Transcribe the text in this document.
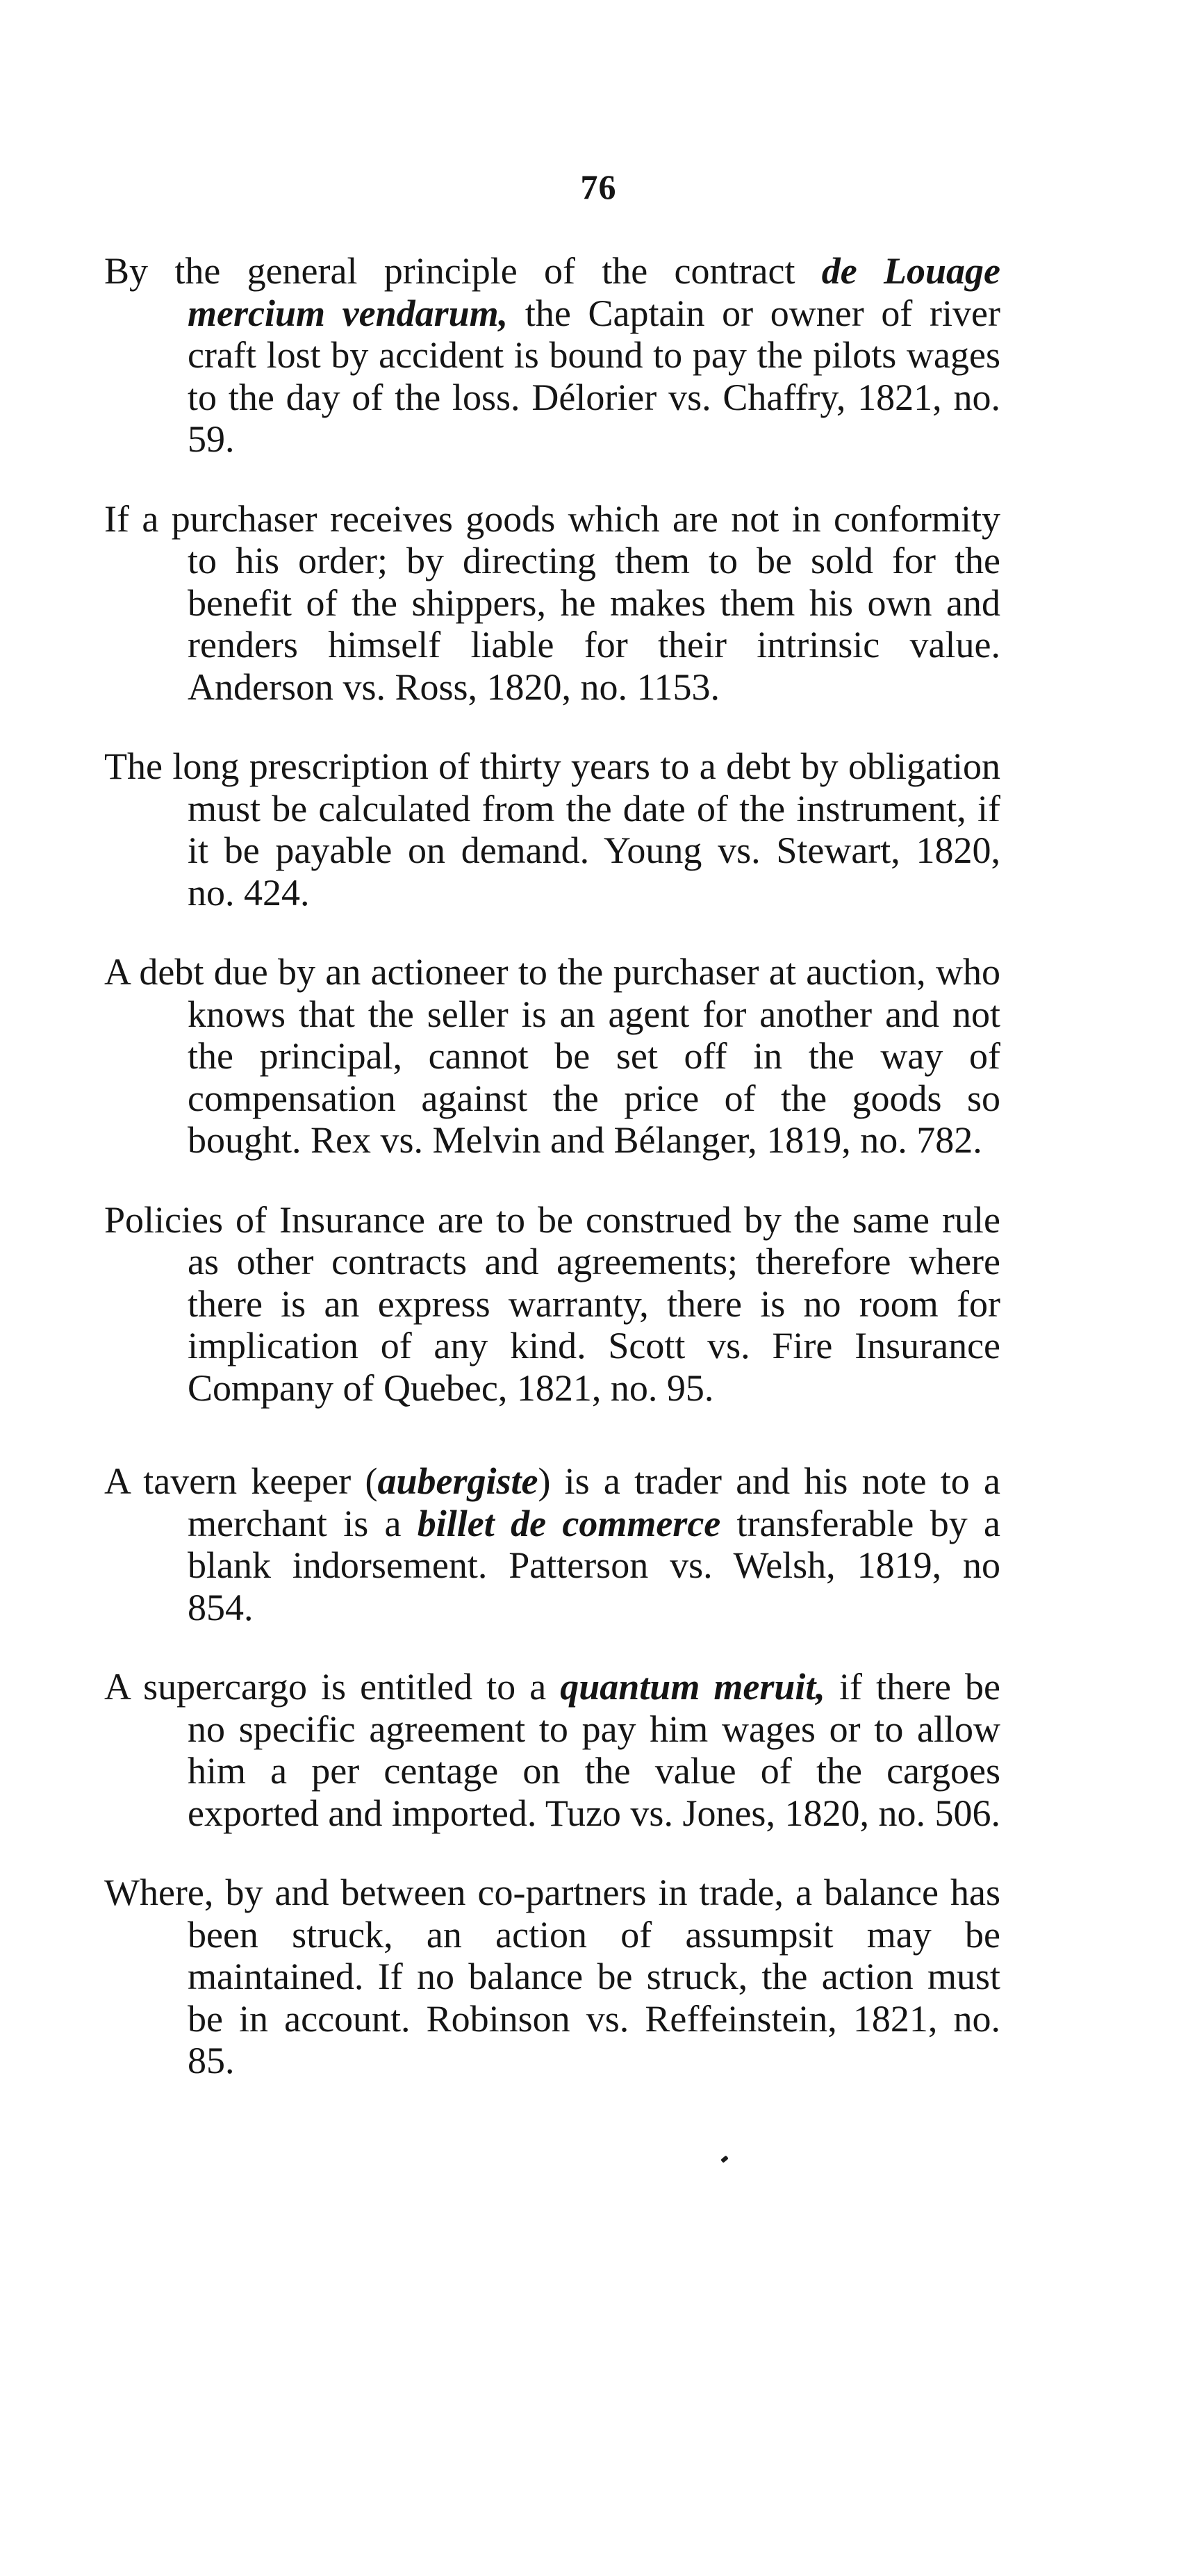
76

By the general principle of the contract de Louage mercium vendarum, the Captain or owner of river craft lost by accident is bound to pay the pilots wages to the day of the loss. Délorier vs. Chaffry, 1821, no. 59.

If a purchaser receives goods which are not in conformity to his order; by directing them to be sold for the benefit of the shippers, he makes them his own and renders himself liable for their intrinsic value. Anderson vs. Ross, 1820, no. 1153.

The long prescription of thirty years to a debt by obligation must be calculated from the date of the instrument, if it be payable on demand. Young vs. Stewart, 1820, no. 424.

A debt due by an actioneer to the purchaser at auction, who knows that the seller is an agent for another and not the principal, cannot be set off in the way of compensation against the price of the goods so bought. Rex vs. Melvin and Bélanger, 1819, no. 782.

Policies of Insurance are to be construed by the same rule as other contracts and agreements; therefore where there is an express warranty, there is no room for implication of any kind. Scott vs. Fire Insurance Company of Quebec, 1821, no. 95.

A tavern keeper (aubergiste) is a trader and his note to a merchant is a billet de commerce transferable by a blank indorsement. Patterson vs. Welsh, 1819, no 854.

A supercargo is entitled to a quantum meruit, if there be no specific agreement to pay him wages or to allow him a per centage on the value of the cargoes exported and imported. Tuzo vs. Jones, 1820, no. 506.

Where, by and between co-partners in trade, a balance has been struck, an action of assumpsit may be maintained. If no balance be struck, the action must be in account. Robinson vs. Reffeinstein, 1821, no. 85.
